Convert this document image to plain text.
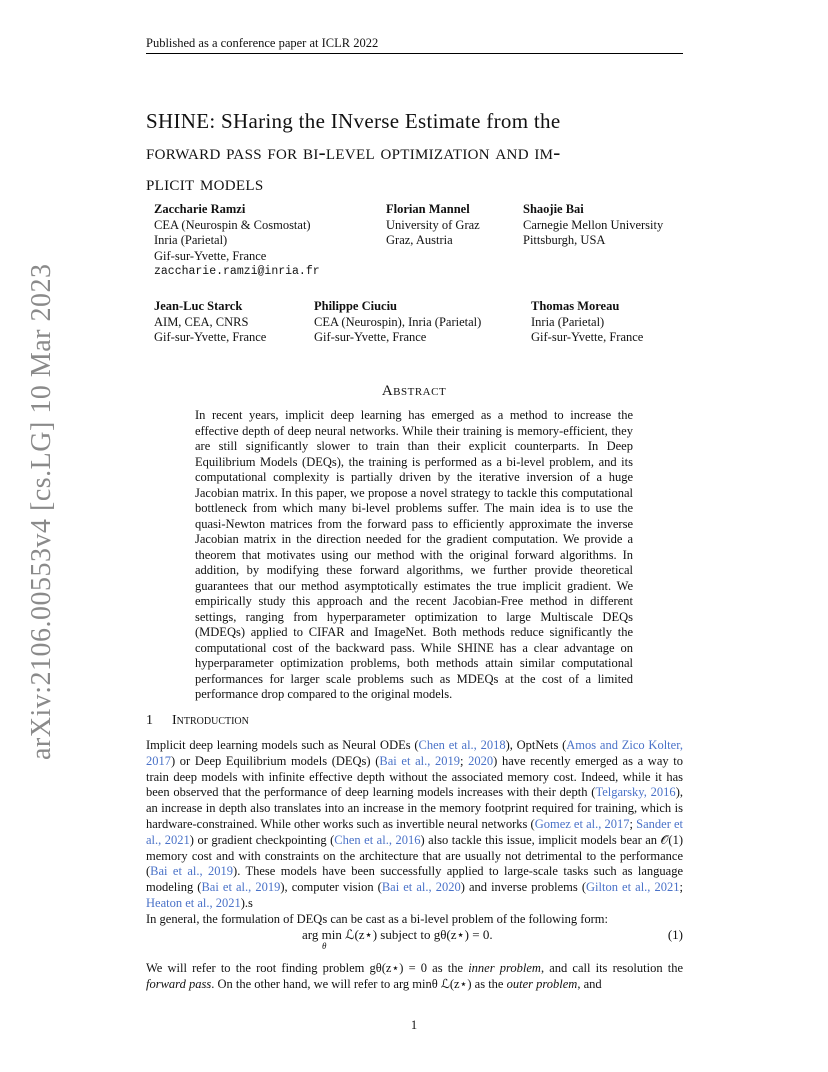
Published as a conference paper at ICLR 2022
SHINE: SHaring the INverse Estimate from the
forward pass for bi-level optimization and im-
plicit models
Zaccharie Ramzi
CEA (Neurospin & Cosmostat)
Inria (Parietal)
Gif-sur-Yvette, France
zaccharie.ramzi@inria.fr
Florian Mannel
University of Graz
Graz, Austria
Shaojie Bai
Carnegie Mellon University
Pittsburgh, USA
Jean-Luc Starck
AIM, CEA, CNRS
Gif-sur-Yvette, France
Philippe Ciuciu
CEA (Neurospin), Inria (Parietal)
Gif-sur-Yvette, France
Thomas Moreau
Inria (Parietal)
Gif-sur-Yvette, France
Abstract
In recent years, implicit deep learning has emerged as a method to increase the effective depth of deep neural networks. While their training is memory-efficient, they are still significantly slower to train than their explicit counterparts. In Deep Equilibrium Models (DEQs), the training is performed as a bi-level problem, and its computational complexity is partially driven by the iterative inversion of a huge Jacobian matrix. In this paper, we propose a novel strategy to tackle this computational bottleneck from which many bi-level problems suffer. The main idea is to use the quasi-Newton matrices from the forward pass to efficiently approximate the inverse Jacobian matrix in the direction needed for the gradient computation. We provide a theorem that motivates using our method with the original forward algorithms. In addition, by modifying these forward algorithms, we further provide theoretical guarantees that our method asymptotically estimates the true implicit gradient. We empirically study this approach and the recent Jacobian-Free method in different settings, ranging from hyperparameter optimization to large Multiscale DEQs (MDEQs) applied to CIFAR and ImageNet. Both methods reduce significantly the computational cost of the backward pass. While SHINE has a clear advantage on hyperparameter optimization problems, both methods attain similar computational performances for larger scale problems such as MDEQs at the cost of a limited performance drop compared to the original models.
1 Introduction
Implicit deep learning models such as Neural ODEs (Chen et al., 2018), OptNets (Amos and Zico Kolter, 2017) or Deep Equilibrium models (DEQs) (Bai et al., 2019; 2020) have recently emerged as a way to train deep models with infinite effective depth without the associated memory cost. Indeed, while it has been observed that the performance of deep learning models increases with their depth (Telgarsky, 2016), an increase in depth also translates into an increase in the memory footprint required for training, which is hardware-constrained. While other works such as invertible neural networks (Gomez et al., 2017; Sander et al., 2021) or gradient checkpointing (Chen et al., 2016) also tackle this issue, implicit models bear an 𝒪(1) memory cost and with constraints on the architecture that are usually not detrimental to the performance (Bai et al., 2019). These models have been successfully applied to large-scale tasks such as language modeling (Bai et al., 2019), computer vision (Bai et al., 2020) and inverse problems (Gilton et al., 2021; Heaton et al., 2021).s
In general, the formulation of DEQs can be cast as a bi-level problem of the following form:
arg min ℒ(z⋆) subject to gθ(z⋆) = 0.
θ
(1)
We will refer to the root finding problem gθ(z⋆) = 0 as the inner problem, and call its resolution the forward pass. On the other hand, we will refer to arg minθ ℒ(z⋆) as the outer problem, and
1
arXiv:2106.00553v4 [cs.LG] 10 Mar 2023
